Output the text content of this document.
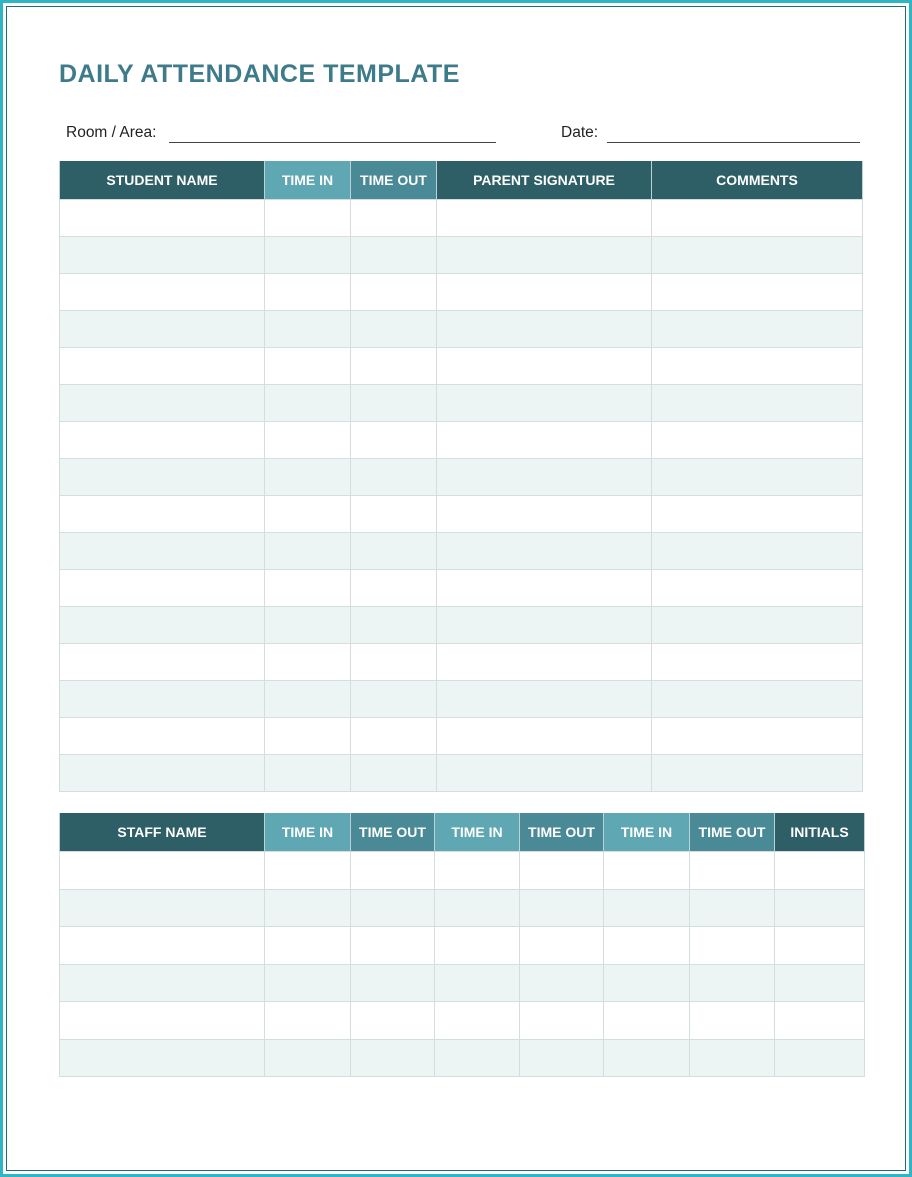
DAILY ATTENDANCE TEMPLATE
Room / Area:	Date:
STUDENT NAME	TIME IN	TIME OUT	PARENT SIGNATURE	COMMENTS

STAFF NAME	TIME IN	TIME OUT	TIME IN	TIME OUT	TIME IN	TIME OUT	INITIALS
